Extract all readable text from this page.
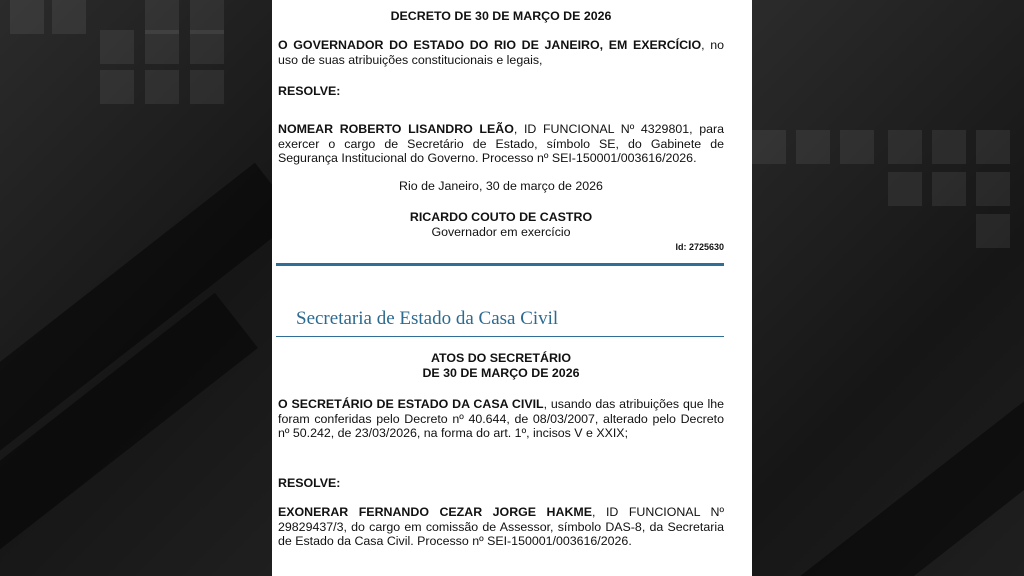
DECRETO DE 30 DE MARÇO DE 2026
O GOVERNADOR DO ESTADO DO RIO DE JANEIRO, EM EXERCÍCIO, no uso de suas atribuições constitucionais e legais,
RESOLVE:
NOMEAR ROBERTO LISANDRO LEÃO, ID FUNCIONAL Nº 4329801, para exercer o cargo de Secretário de Estado, símbolo SE, do Gabinete de Segurança Institucional do Governo. Processo nº SEI-150001/003616/2026.
Rio de Janeiro, 30 de março de 2026
RICARDO COUTO DE CASTRO
Governador em exercício
Id: 2725630
Secretaria de Estado da Casa Civil
ATOS DO SECRETÁRIO
DE 30 DE MARÇO DE 2026
O SECRETÁRIO DE ESTADO DA CASA CIVIL, usando das atribuições que lhe foram conferidas pelo Decreto nº 40.644, de 08/03/2007, alterado pelo Decreto nº 50.242, de 23/03/2026, na forma do art. 1º, incisos V e XXIX;
RESOLVE:
EXONERAR FERNANDO CEZAR JORGE HAKME, ID FUNCIONAL Nº 29829437/3, do cargo em comissão de Assessor, símbolo DAS-8, da Secretaria de Estado da Casa Civil. Processo nº SEI-150001/003616/2026.
